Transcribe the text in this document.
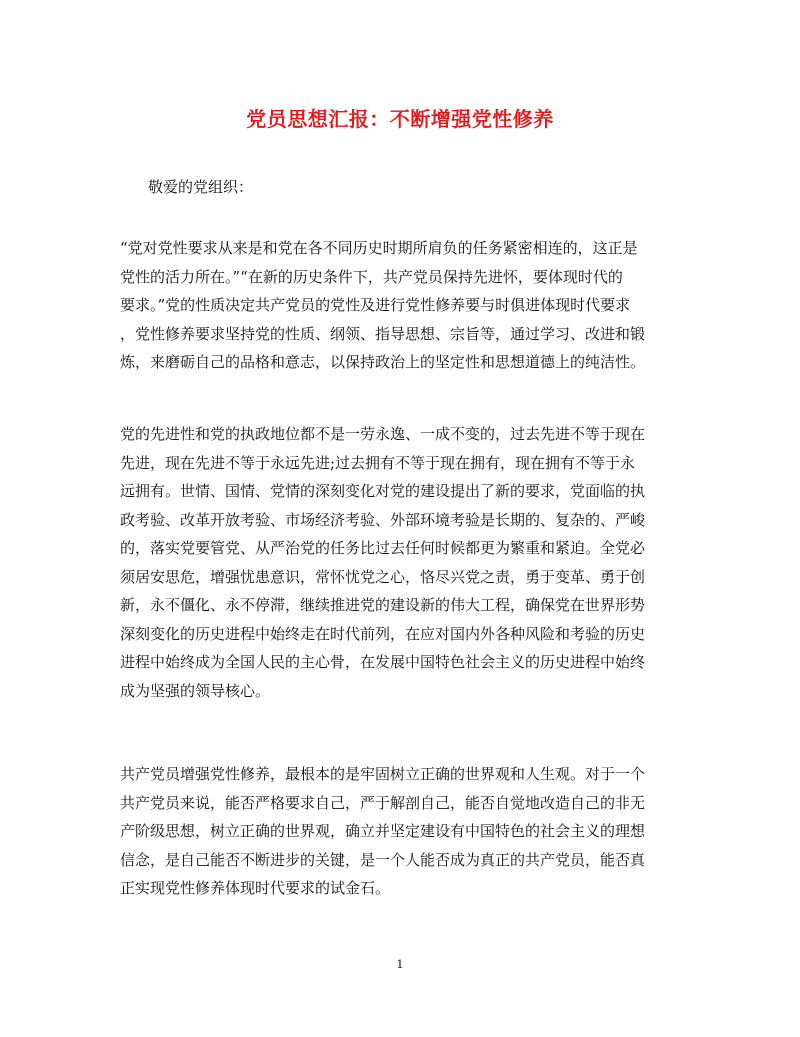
党员思想汇报：不断增强党性修养
敬爱的党组织：
“党对党性要求从来是和党在各不同历史时期所肩负的任务紧密相连的，这正是
党性的活力所在。”“在新的历史条件下，共产党员保持先进怀，要体现时代的
要求。”党的性质决定共产党员的党性及进行党性修养要与时俱进体现时代要求
，党性修养要求坚持党的性质、纲领、指导思想、宗旨等，通过学习、改进和锻
炼，来磨砺自己的品格和意志，以保持政治上的坚定性和思想道德上的纯洁性。
党的先进性和党的执政地位都不是一劳永逸、一成不变的，过去先进不等于现在
先进，现在先进不等于永远先进;过去拥有不等于现在拥有，现在拥有不等于永
远拥有。世情、国情、党情的深刻变化对党的建设提出了新的要求，党面临的执
政考验、改革开放考验、市场经济考验、外部环境考验是长期的、复杂的、严峻
的，落实党要管党、从严治党的任务比过去任何时候都更为繁重和紧迫。全党必
须居安思危，增强忧患意识，常怀忧党之心，恪尽兴党之责，勇于变革、勇于创
新，永不僵化、永不停滞，继续推进党的建设新的伟大工程，确保党在世界形势
深刻变化的历史进程中始终走在时代前列，在应对国内外各种风险和考验的历史
进程中始终成为全国人民的主心骨，在发展中国特色社会主义的历史进程中始终
成为坚强的领导核心。
共产党员增强党性修养，最根本的是牢固树立正确的世界观和人生观。对于一个
共产党员来说，能否严格要求自己，严于解剖自己，能否自觉地改造自己的非无
产阶级思想，树立正确的世界观，确立并坚定建设有中国特色的社会主义的理想
信念，是自己能否不断进步的关键，是一个人能否成为真正的共产党员，能否真
正实现党性修养体现时代要求的试金石。
1
